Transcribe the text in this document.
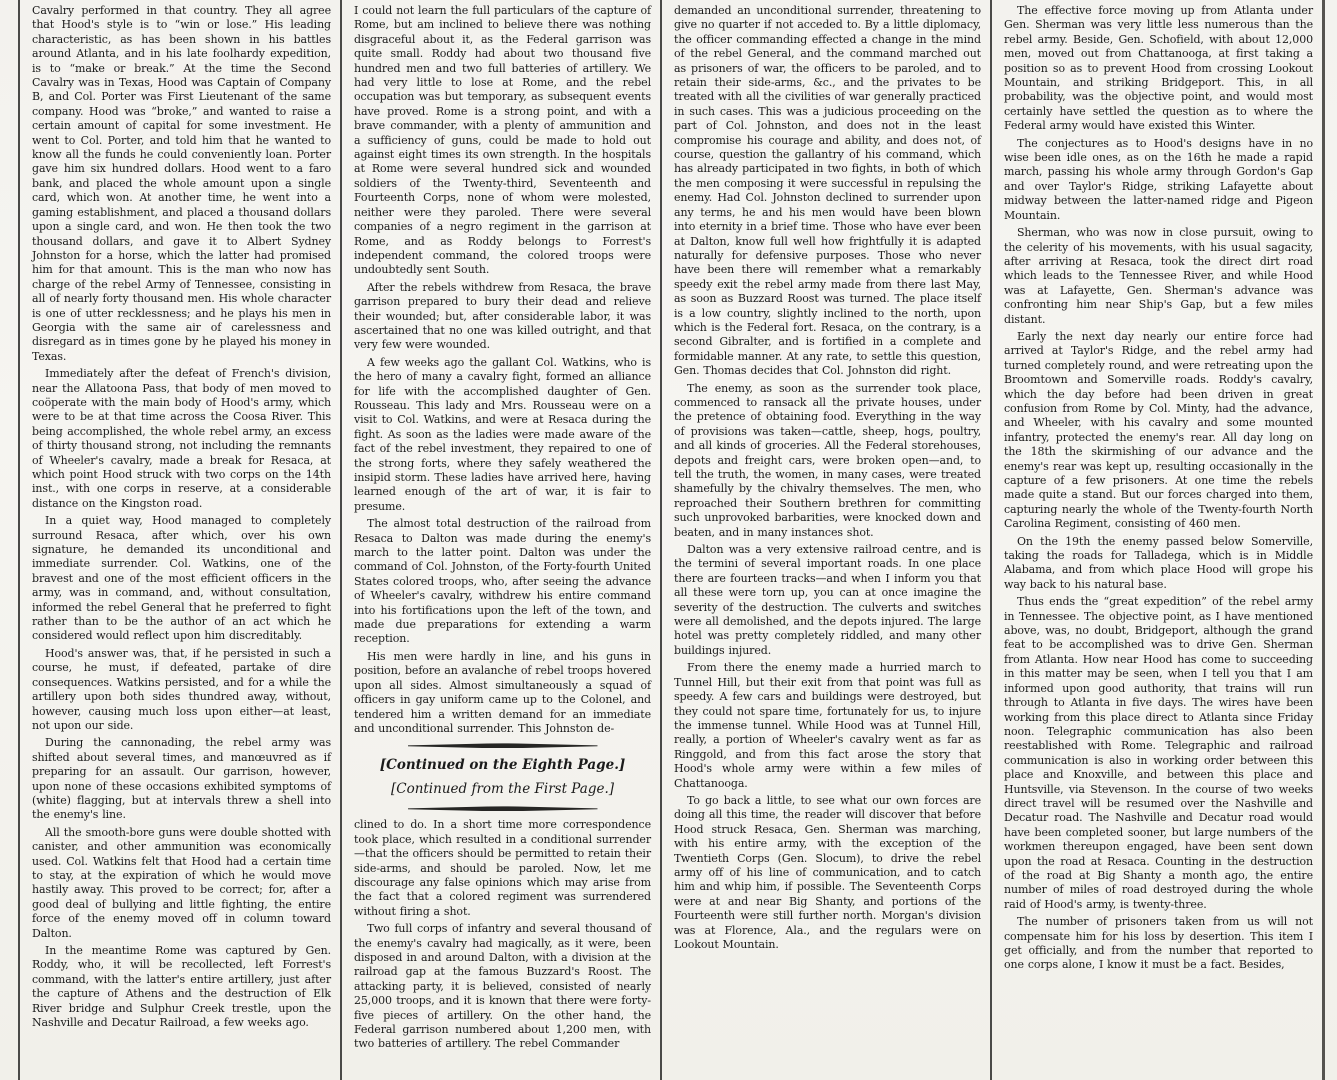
Cavalry performed in that country. They all agree that Hood's style is to “win or lose.” His leading characteristic, as has been shown in his battles around Atlanta, and in his late foolhardy expedition, is to “make or break.” At the time the Second Cavalry was in Texas, Hood was Captain of Company B, and Col. Porter was First Lieutenant of the same company. Hood was “broke,” and wanted to raise a certain amount of capital for some investment. He went to Col. Porter, and told him that he wanted to know all the funds he could conveniently loan. Porter gave him six hundred dollars. Hood went to a faro bank, and placed the whole amount upon a single card, which won. At another time, he went into a gaming establishment, and placed a thousand dollars upon a single card, and won. He then took the two thousand dollars, and gave it to Albert Sydney Johnston for a horse, which the latter had promised him for that amount. This is the man who now has charge of the rebel Army of Tennessee, consisting in all of nearly forty thousand men. His whole character is one of utter recklessness; and he plays his men in Georgia with the same air of carelessness and disregard as in times gone by he played his money in Texas.

Immediately after the defeat of French's division, near the Allatoona Pass, that body of men moved to coöperate with the main body of Hood's army, which were to be at that time across the Coosa River. This being accomplished, the whole rebel army, an excess of thirty thousand strong, not including the remnants of Wheeler's cavalry, made a break for Resaca, at which point Hood struck with two corps on the 14th inst., with one corps in reserve, at a considerable distance on the Kingston road.

In a quiet way, Hood managed to completely surround Resaca, after which, over his own signature, he demanded its unconditional and immediate surrender. Col. Watkins, one of the bravest and one of the most efficient officers in the army, was in command, and, without consultation, informed the rebel General that he preferred to fight rather than to be the author of an act which he considered would reflect upon him discreditably.

Hood's answer was, that, if he persisted in such a course, he must, if defeated, partake of dire consequences. Watkins persisted, and for a while the artillery upon both sides thundred away, without, however, causing much loss upon either—at least, not upon our side.

During the cannonading, the rebel army was shifted about several times, and manœuvred as if preparing for an assault. Our garrison, however, upon none of these occasions exhibited symptoms of (white) flagging, but at intervals threw a shell into the enemy's line.

All the smooth-bore guns were double shotted with canister, and other ammunition was economically used. Col. Watkins felt that Hood had a certain time to stay, at the expiration of which he would move hastily away. This proved to be correct; for, after a good deal of bullying and little fighting, the entire force of the enemy moved off in column toward Dalton.

In the meantime Rome was captured by Gen. Roddy, who, it will be recollected, left Forrest's command, with the latter's entire artillery, just after the capture of Athens and the destruction of Elk River bridge and Sulphur Creek trestle, upon the Nashville and Decatur Railroad, a few weeks ago.

I could not learn the full particulars of the capture of Rome, but am inclined to believe there was nothing disgraceful about it, as the Federal garrison was quite small. Roddy had about two thousand five hundred men and two full batteries of artillery. We had very little to lose at Rome, and the rebel occupation was but temporary, as subsequent events have proved. Rome is a strong point, and with a brave commander, with a plenty of ammunition and a sufficiency of guns, could be made to hold out against eight times its own strength. In the hospitals at Rome were several hundred sick and wounded soldiers of the Twenty-third, Seventeenth and Fourteenth Corps, none of whom were molested, neither were they paroled. There were several companies of a negro regiment in the garrison at Rome, and as Roddy belongs to Forrest's independent command, the colored troops were undoubtedly sent South.

After the rebels withdrew from Resaca, the brave garrison prepared to bury their dead and relieve their wounded; but, after considerable labor, it was ascertained that no one was killed outright, and that very few were wounded.

A few weeks ago the gallant Col. Watkins, who is the hero of many a cavalry fight, formed an alliance for life with the accomplished daughter of Gen. Rousseau. This lady and Mrs. Rousseau were on a visit to Col. Watkins, and were at Resaca during the fight. As soon as the ladies were made aware of the fact of the rebel investment, they repaired to one of the strong forts, where they safely weathered the insipid storm. These ladies have arrived here, having learned enough of the art of war, it is fair to presume.

The almost total destruction of the railroad from Resaca to Dalton was made during the enemy's march to the latter point. Dalton was under the command of Col. Johnston, of the Forty-fourth United States colored troops, who, after seeing the advance of Wheeler's cavalry, withdrew his entire command into his fortifications upon the left of the town, and made due preparations for extending a warm reception.

His men were hardly in line, and his guns in position, before an avalanche of rebel troops hovered upon all sides. Almost simultaneously a squad of officers in gay uniform came up to the Colonel, and tendered him a written demand for an immediate and unconditional surrender. This Johnston de-

[Continued on the Eighth Page.]
[Continued from the First Page.]

clined to do. In a short time more correspondence took place, which resulted in a conditional surrender—that the officers should be permitted to retain their side-arms, and should be paroled. Now, let me discourage any false opinions which may arise from the fact that a colored regiment was surrendered without firing a shot.

Two full corps of infantry and several thousand of the enemy's cavalry had magically, as it were, been disposed in and around Dalton, with a division at the railroad gap at the famous Buzzard's Roost. The attacking party, it is believed, consisted of nearly 25,000 troops, and it is known that there were forty-five pieces of artillery. On the other hand, the Federal garrison numbered about 1,200 men, with two batteries of artillery. The rebel Commander

demanded an unconditional surrender, threatening to give no quarter if not acceded to. By a little diplomacy, the officer commanding effected a change in the mind of the rebel General, and the command marched out as prisoners of war, the officers to be paroled, and to retain their side-arms, &c., and the privates to be treated with all the civilities of war generally practiced in such cases. This was a judicious proceeding on the part of Col. Johnston, and does not in the least compromise his courage and ability, and does not, of course, question the gallantry of his command, which has already participated in two fights, in both of which the men composing it were successful in repulsing the enemy. Had Col. Johnston declined to surrender upon any terms, he and his men would have been blown into eternity in a brief time. Those who have ever been at Dalton, know full well how frightfully it is adapted naturally for defensive purposes. Those who never have been there will remember what a remarkably speedy exit the rebel army made from there last May, as soon as Buzzard Roost was turned. The place itself is a low country, slightly inclined to the north, upon which is the Federal fort. Resaca, on the contrary, is a second Gibralter, and is fortified in a complete and formidable manner. At any rate, to settle this question, Gen. Thomas decides that Col. Johnston did right.

The enemy, as soon as the surrender took place, commenced to ransack all the private houses, under the pretence of obtaining food. Everything in the way of provisions was taken—cattle, sheep, hogs, poultry, and all kinds of groceries. All the Federal storehouses, depots and freight cars, were broken open—and, to tell the truth, the women, in many cases, were treated shamefully by the chivalry themselves. The men, who reproached their Southern brethren for committing such unprovoked barbarities, were knocked down and beaten, and in many instances shot.

Dalton was a very extensive railroad centre, and is the termini of several important roads. In one place there are fourteen tracks—and when I inform you that all these were torn up, you can at once imagine the severity of the destruction. The culverts and switches were all demolished, and the depots injured. The large hotel was pretty completely riddled, and many other buildings injured.

From there the enemy made a hurried march to Tunnel Hill, but their exit from that point was full as speedy. A few cars and buildings were destroyed, but they could not spare time, fortunately for us, to injure the immense tunnel. While Hood was at Tunnel Hill, really, a portion of Wheeler's cavalry went as far as Ringgold, and from this fact arose the story that Hood's whole army were within a few miles of Chattanooga.

To go back a little, to see what our own forces are doing all this time, the reader will discover that before Hood struck Resaca, Gen. Sherman was marching, with his entire army, with the exception of the Twentieth Corps (Gen. Slocum), to drive the rebel army off of his line of communication, and to catch him and whip him, if possible. The Seventeenth Corps were at and near Big Shanty, and portions of the Fourteenth were still further north. Morgan's division was at Florence, Ala., and the regulars were on Lookout Mountain.

The effective force moving up from Atlanta under Gen. Sherman was very little less numerous than the rebel army. Beside, Gen. Schofield, with about 12,000 men, moved out from Chattanooga, at first taking a position so as to prevent Hood from crossing Lookout Mountain, and striking Bridgeport. This, in all probability, was the objective point, and would most certainly have settled the question as to where the Federal army would have existed this Winter.

The conjectures as to Hood's designs have in no wise been idle ones, as on the 16th he made a rapid march, passing his whole army through Gordon's Gap and over Taylor's Ridge, striking Lafayette about midway between the latter-named ridge and Pigeon Mountain.

Sherman, who was now in close pursuit, owing to the celerity of his movements, with his usual sagacity, after arriving at Resaca, took the direct dirt road which leads to the Tennessee River, and while Hood was at Lafayette, Gen. Sherman's advance was confronting him near Ship's Gap, but a few miles distant.

Early the next day nearly our entire force had arrived at Taylor's Ridge, and the rebel army had turned completely round, and were retreating upon the Broomtown and Somerville roads. Roddy's cavalry, which the day before had been driven in great confusion from Rome by Col. Minty, had the advance, and Wheeler, with his cavalry and some mounted infantry, protected the enemy's rear. All day long on the 18th the skirmishing of our advance and the enemy's rear was kept up, resulting occasionally in the capture of a few prisoners. At one time the rebels made quite a stand. But our forces charged into them, capturing nearly the whole of the Twenty-fourth North Carolina Regiment, consisting of 460 men.

On the 19th the enemy passed below Somerville, taking the roads for Talladega, which is in Middle Alabama, and from which place Hood will grope his way back to his natural base.

Thus ends the “great expedition” of the rebel army in Tennessee. The objective point, as I have mentioned above, was, no doubt, Bridgeport, although the grand feat to be accomplished was to drive Gen. Sherman from Atlanta. How near Hood has come to succeeding in this matter may be seen, when I tell you that I am informed upon good authority, that trains will run through to Atlanta in five days. The wires have been working from this place direct to Atlanta since Friday noon. Telegraphic communication has also been reestablished with Rome. Telegraphic and railroad communication is also in working order between this place and Knoxville, and between this place and Huntsville, via Stevenson. In the course of two weeks direct travel will be resumed over the Nashville and Decatur road. The Nashville and Decatur road would have been completed sooner, but large numbers of the workmen thereupon engaged, have been sent down upon the road at Resaca. Counting in the destruction of the road at Big Shanty a month ago, the entire number of miles of road destroyed during the whole raid of Hood's army, is twenty-three.

The number of prisoners taken from us will not compensate him for his loss by desertion. This item I get officially, and from the number that reported to one corps alone, I know it must be a fact. Besides,
